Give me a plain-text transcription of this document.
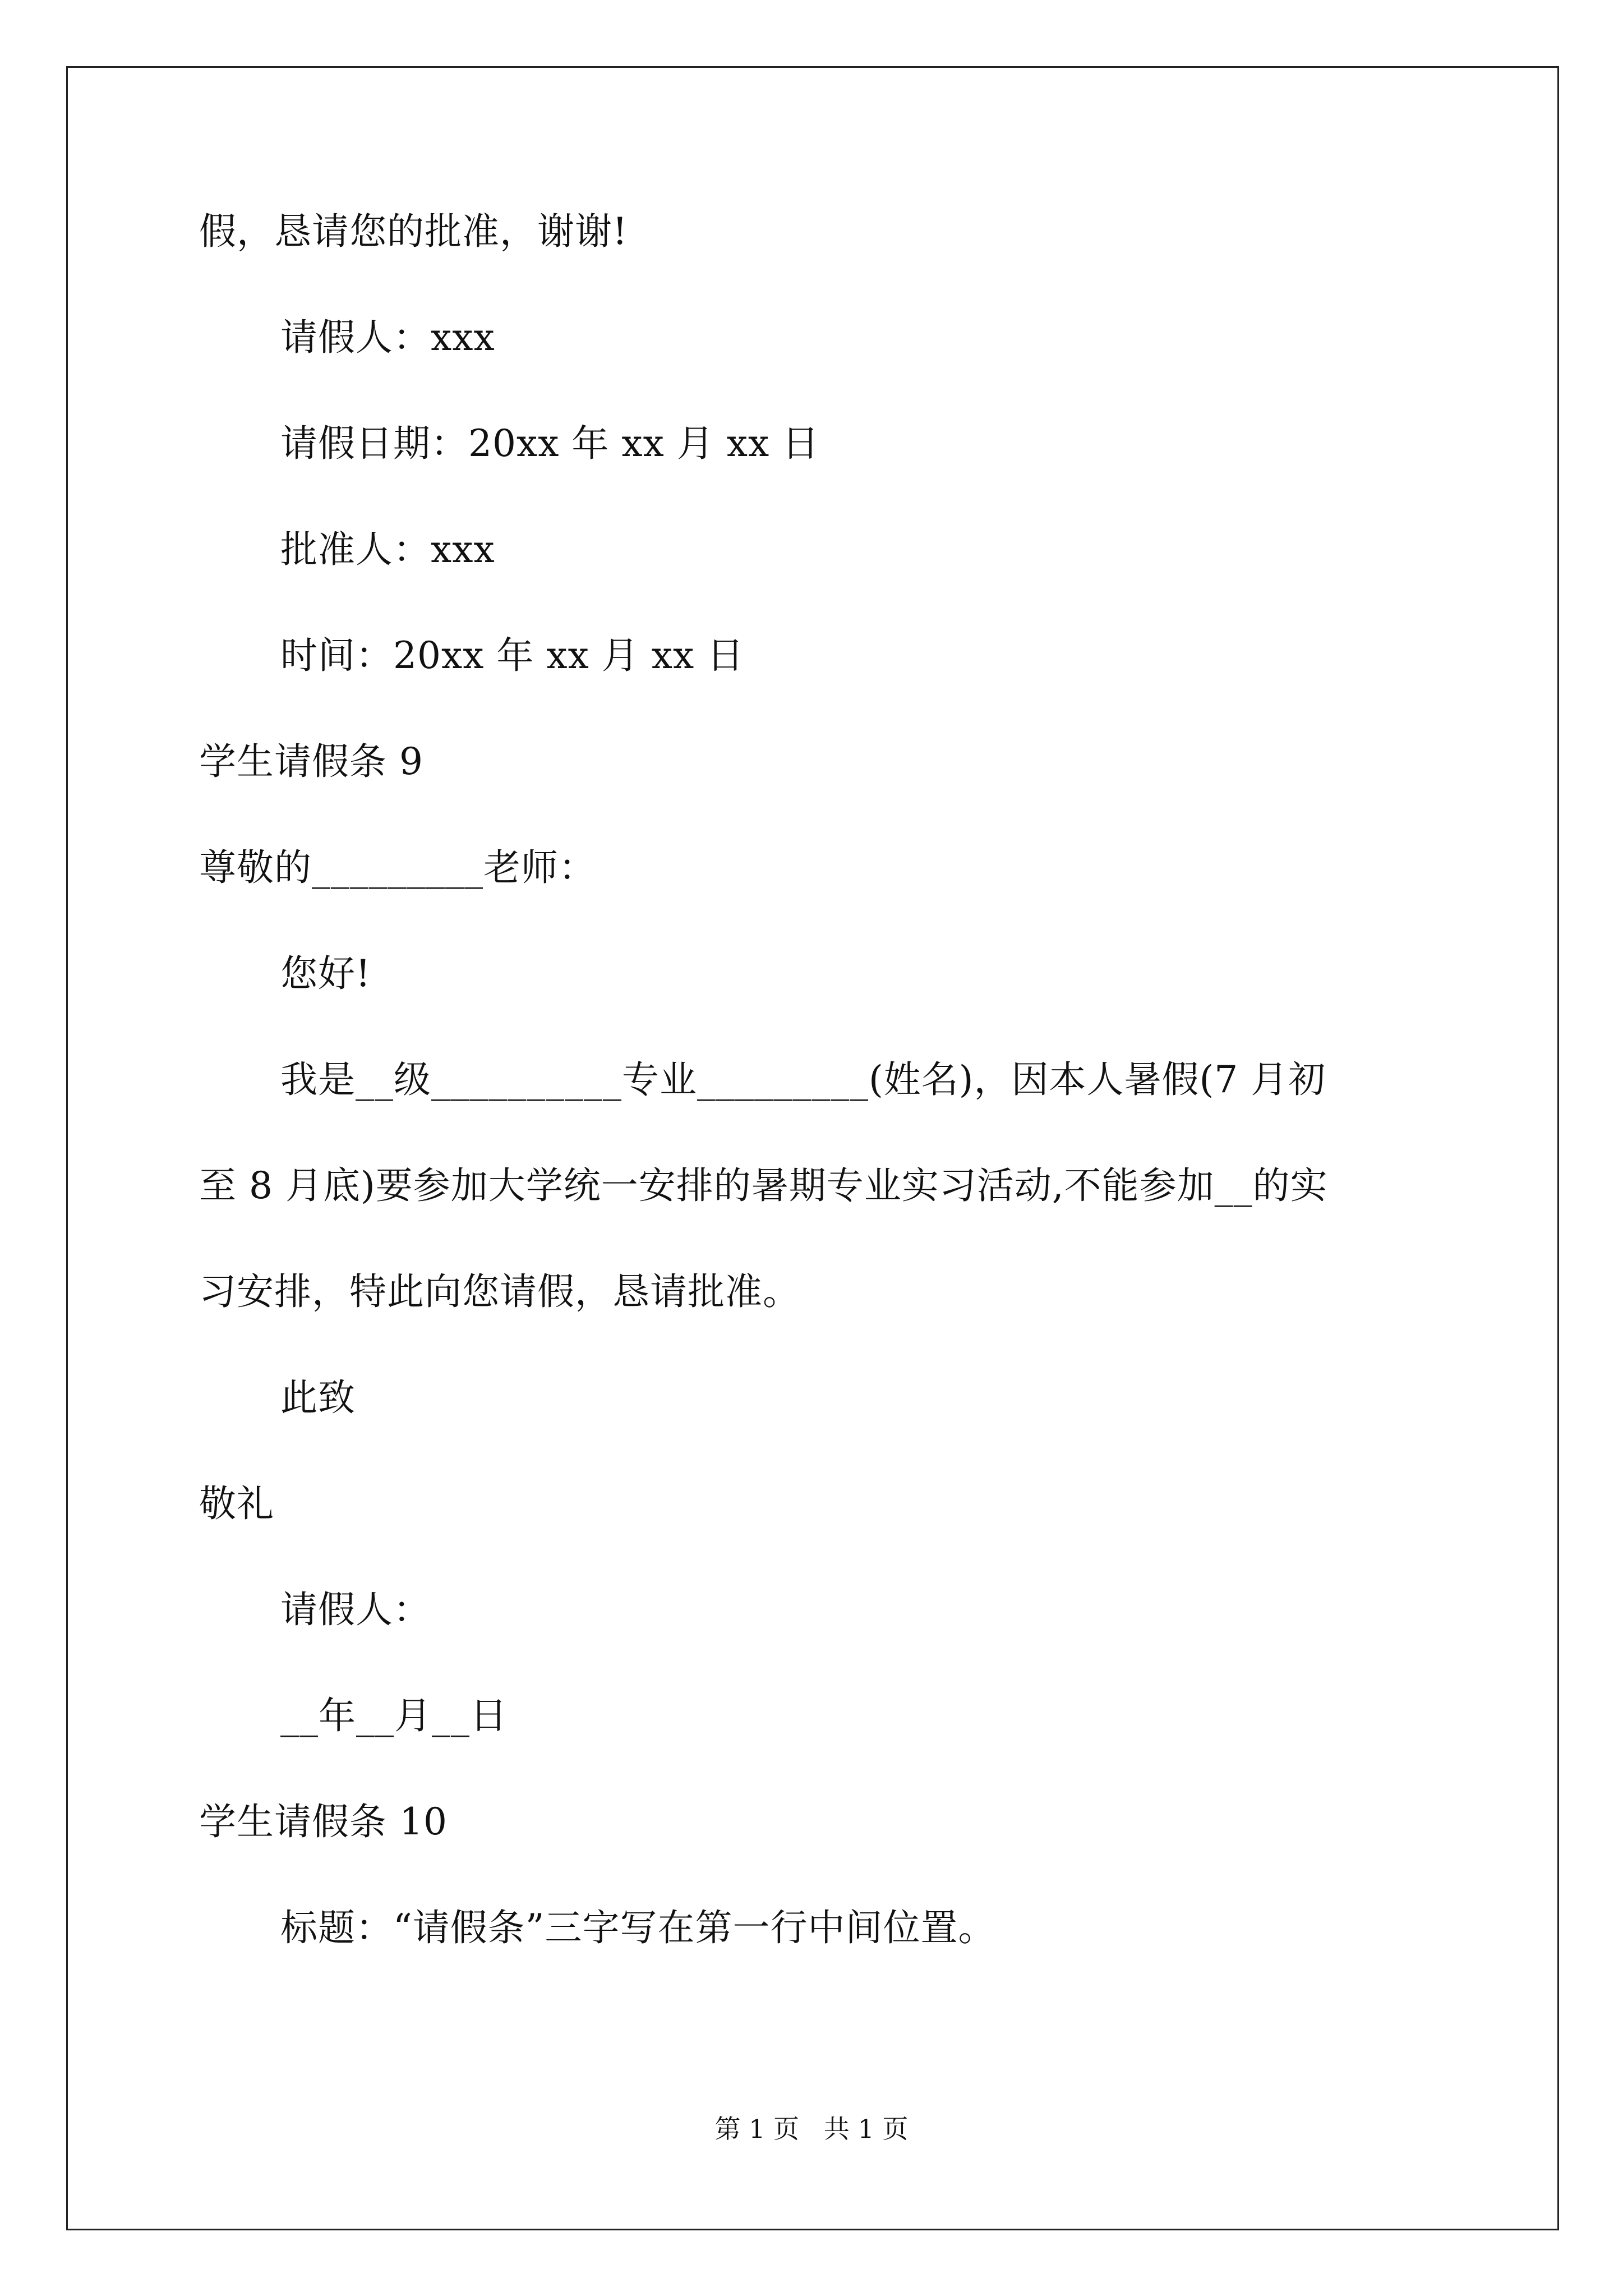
假，恳请您的批准，谢谢!
请假人：xxx
请假日期：20xx 年 xx 月 xx 日
批准人：xxx
时间：20xx 年 xx 月 xx 日
学生请假条 9
尊敬的_________老师：
您好!
我是__级__________专业_________(姓名)，因本人暑假(7 月初
至 8 月底)要参加大学统一安排的暑期专业实习活动,不能参加__的实
习安排，特此向您请假，恳请批准。
此致
敬礼
请假人：
__年__月__日
学生请假条 10
标题：“请假条”三字写在第一行中间位置。
第 1 页   共 1 页
